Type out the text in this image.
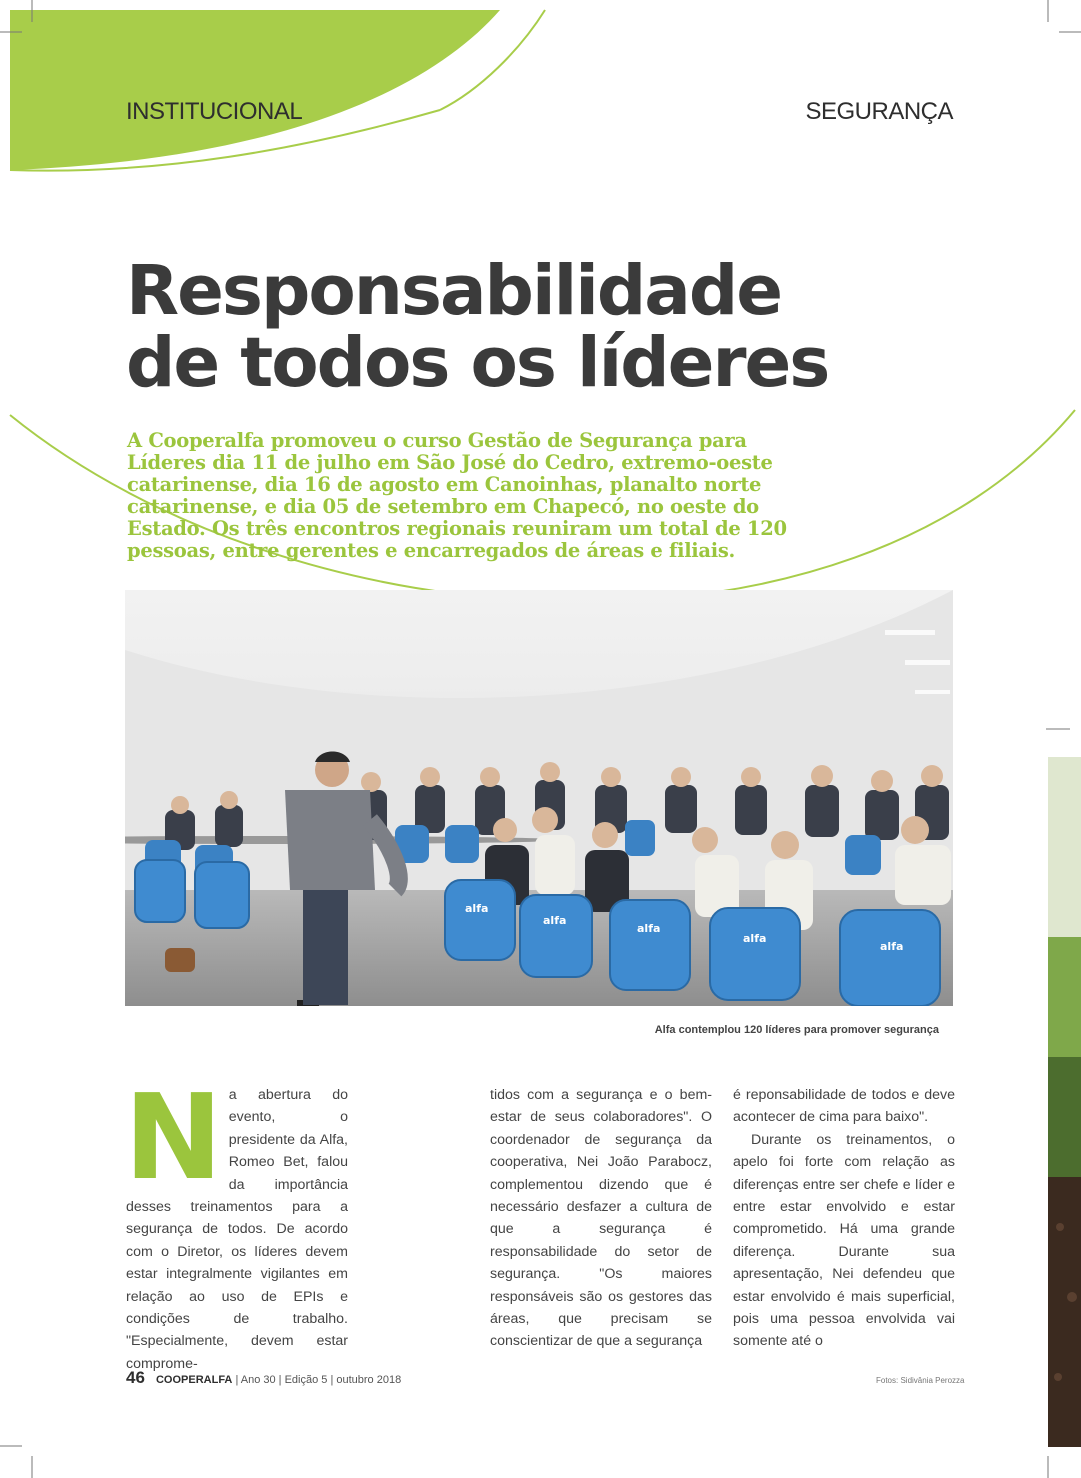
INSTITUCIONAL	SEGURANÇA
Responsabilidade
de todos os líderes

A Cooperalfa promoveu o curso Gestão de Segurança para Líderes dia 11 de julho em São José do Cedro, extremo-oeste catarinense, dia 16 de agosto em Canoinhas, planalto norte catarinense, e dia 05 de setembro em Chapecó, no oeste do Estado. Os três encontros regionais reuniram um total de 120 pessoas, entre gerentes e encarregados de áreas e filiais.

alfa
alfa
alfa
alfa
alfa
Alfa contemplou 120 líderes para promover segurança
N a abertura do evento, o presidente da Alfa, Romeo Bet, falou da importância desses treinamentos para a segurança de todos. De acordo com o Diretor, os líderes devem estar integralmente vigilantes em relação ao uso de EPIs e condições de trabalho. "Especialmente, devem estar comprome-

tidos com a segurança e o bem-estar de seus colaboradores". O coordenador de segurança da cooperativa, Nei João Parabocz, complementou dizendo que é necessário desfazer a cultura de que a segurança é responsabilidade do setor de segurança. "Os maiores responsáveis são os gestores das áreas, que precisam se conscientizar de que a segurança

é reponsabilidade de todos e deve acontecer de cima para baixo".

Durante os treinamentos, o apelo foi forte com relação as diferenças entre ser chefe e líder e entre estar envolvido e estar comprometido. Há uma grande diferença. Durante sua apresentação, Nei defendeu que estar envolvido é mais superficial, pois uma pessoa envolvida vai somente até o

46 COOPERALFA | Ano 30 | Edição 5 | outubro 2018	Fotos: Sidivânia Perozza
